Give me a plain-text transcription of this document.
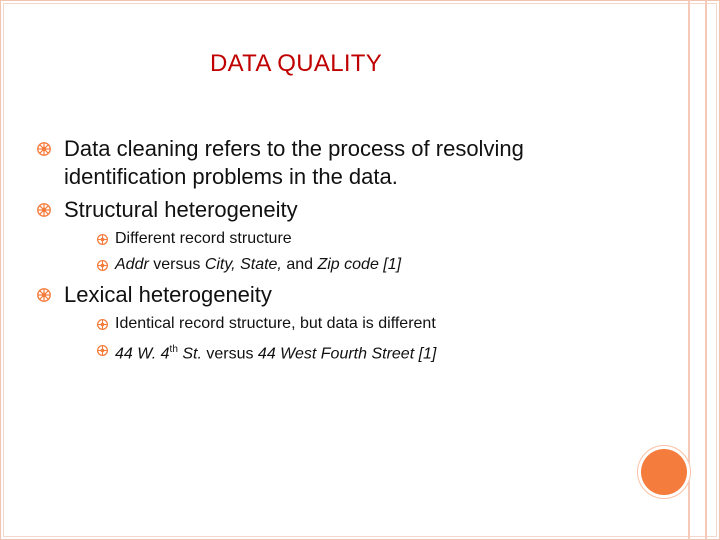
DATA QUALITY
Data cleaning refers to the process of resolving
identification problems in the data.
Structural heterogeneity
Different record structure
Addr versus City, State, and Zip code [1]
Lexical heterogeneity
Identical record structure, but data is different
44 W. 4th St. versus 44 West Fourth Street [1]
